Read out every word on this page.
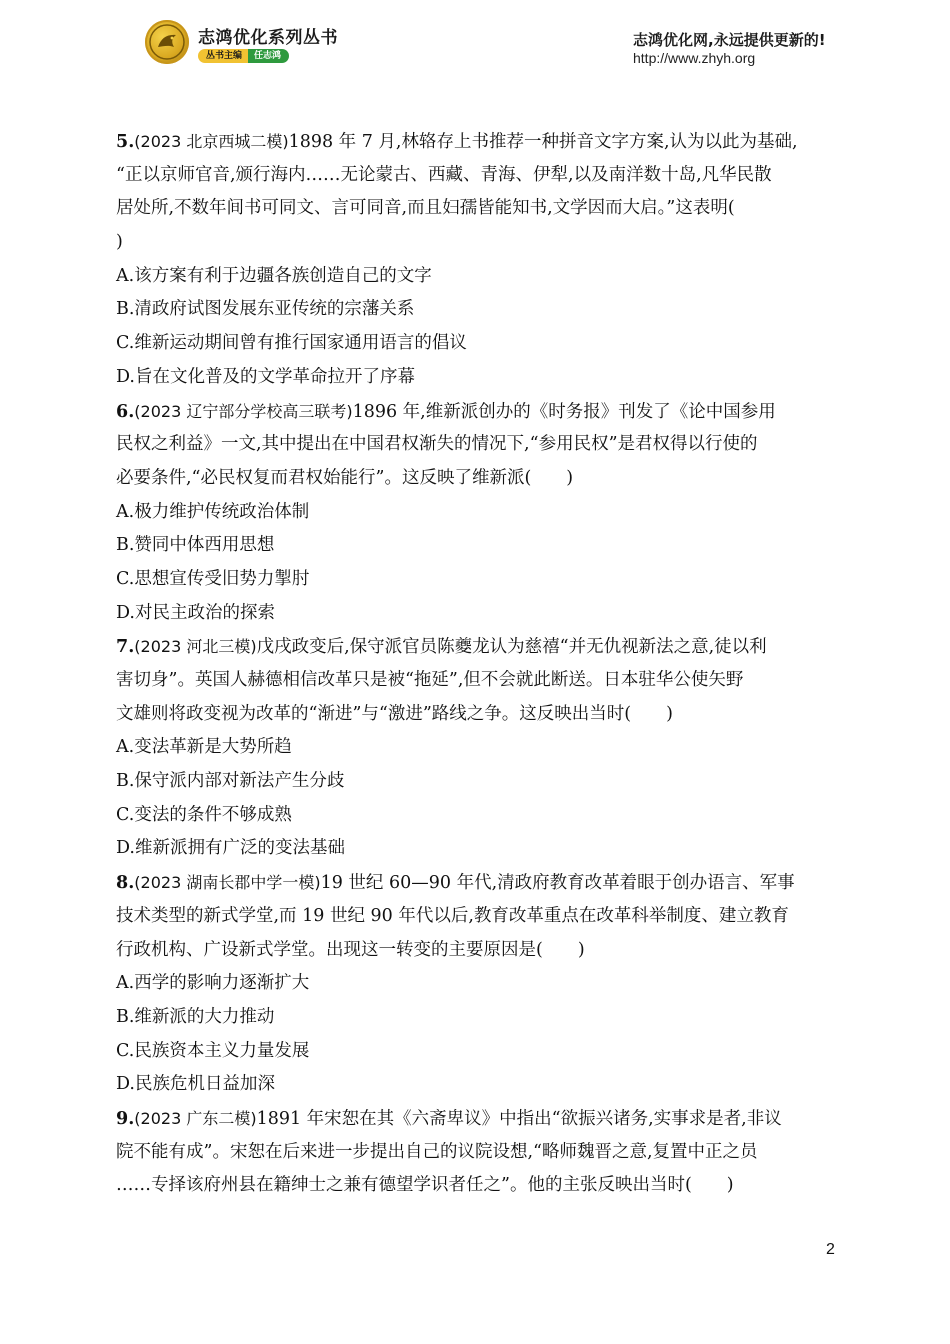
志鸿优化系列丛书
丛书主编	任志鸿
志鸿优化网,永远提供更新的!
http://www.zhyh.org
5.(2023 北京西城二模)1898 年 7 月,林辂存上书推荐一种拼音文字方案,认为以此为基础,
“正以京师官音,颁行海内……无论蒙古、西藏、青海、伊犁,以及南洋数十岛,凡华民散
居处所,不数年间书可同文、言可同音,而且妇孺皆能知书,文学因而大启。”这表明(
)
A.该方案有利于边疆各族创造自己的文字
B.清政府试图发展东亚传统的宗藩关系
C.维新运动期间曾有推行国家通用语言的倡议
D.旨在文化普及的文学革命拉开了序幕
6.(2023 辽宁部分学校高三联考)1896 年,维新派创办的《时务报》刊发了《论中国参用
民权之利益》一文,其中提出在中国君权渐失的情况下,“参用民权”是君权得以行使的
必要条件,“必民权复而君权始能行”。这反映了维新派(　　)
A.极力维护传统政治体制
B.赞同中体西用思想
C.思想宣传受旧势力掣肘
D.对民主政治的探索
7.(2023 河北三模)戊戌政变后,保守派官员陈夔龙认为慈禧“并无仇视新法之意,徒以利
害切身”。英国人赫德相信改革只是被“拖延”,但不会就此断送。日本驻华公使矢野
文雄则将政变视为改革的“渐进”与“激进”路线之争。这反映出当时(　　)
A.变法革新是大势所趋
B.保守派内部对新法产生分歧
C.变法的条件不够成熟
D.维新派拥有广泛的变法基础
8.(2023 湖南长郡中学一模)19 世纪 60—90 年代,清政府教育改革着眼于创办语言、军事
技术类型的新式学堂,而 19 世纪 90 年代以后,教育改革重点在改革科举制度、建立教育
行政机构、广设新式学堂。出现这一转变的主要原因是(　　)
A.西学的影响力逐渐扩大
B.维新派的大力推动
C.民族资本主义力量发展
D.民族危机日益加深
9.(2023 广东二模)1891 年宋恕在其《六斋卑议》中指出“欲振兴诸务,实事求是者,非议
院不能有成”。宋恕在后来进一步提出自己的议院设想,“略师魏晋之意,复置中正之员
……专择该府州县在籍绅士之兼有德望学识者任之”。他的主张反映出当时(　　)
2
